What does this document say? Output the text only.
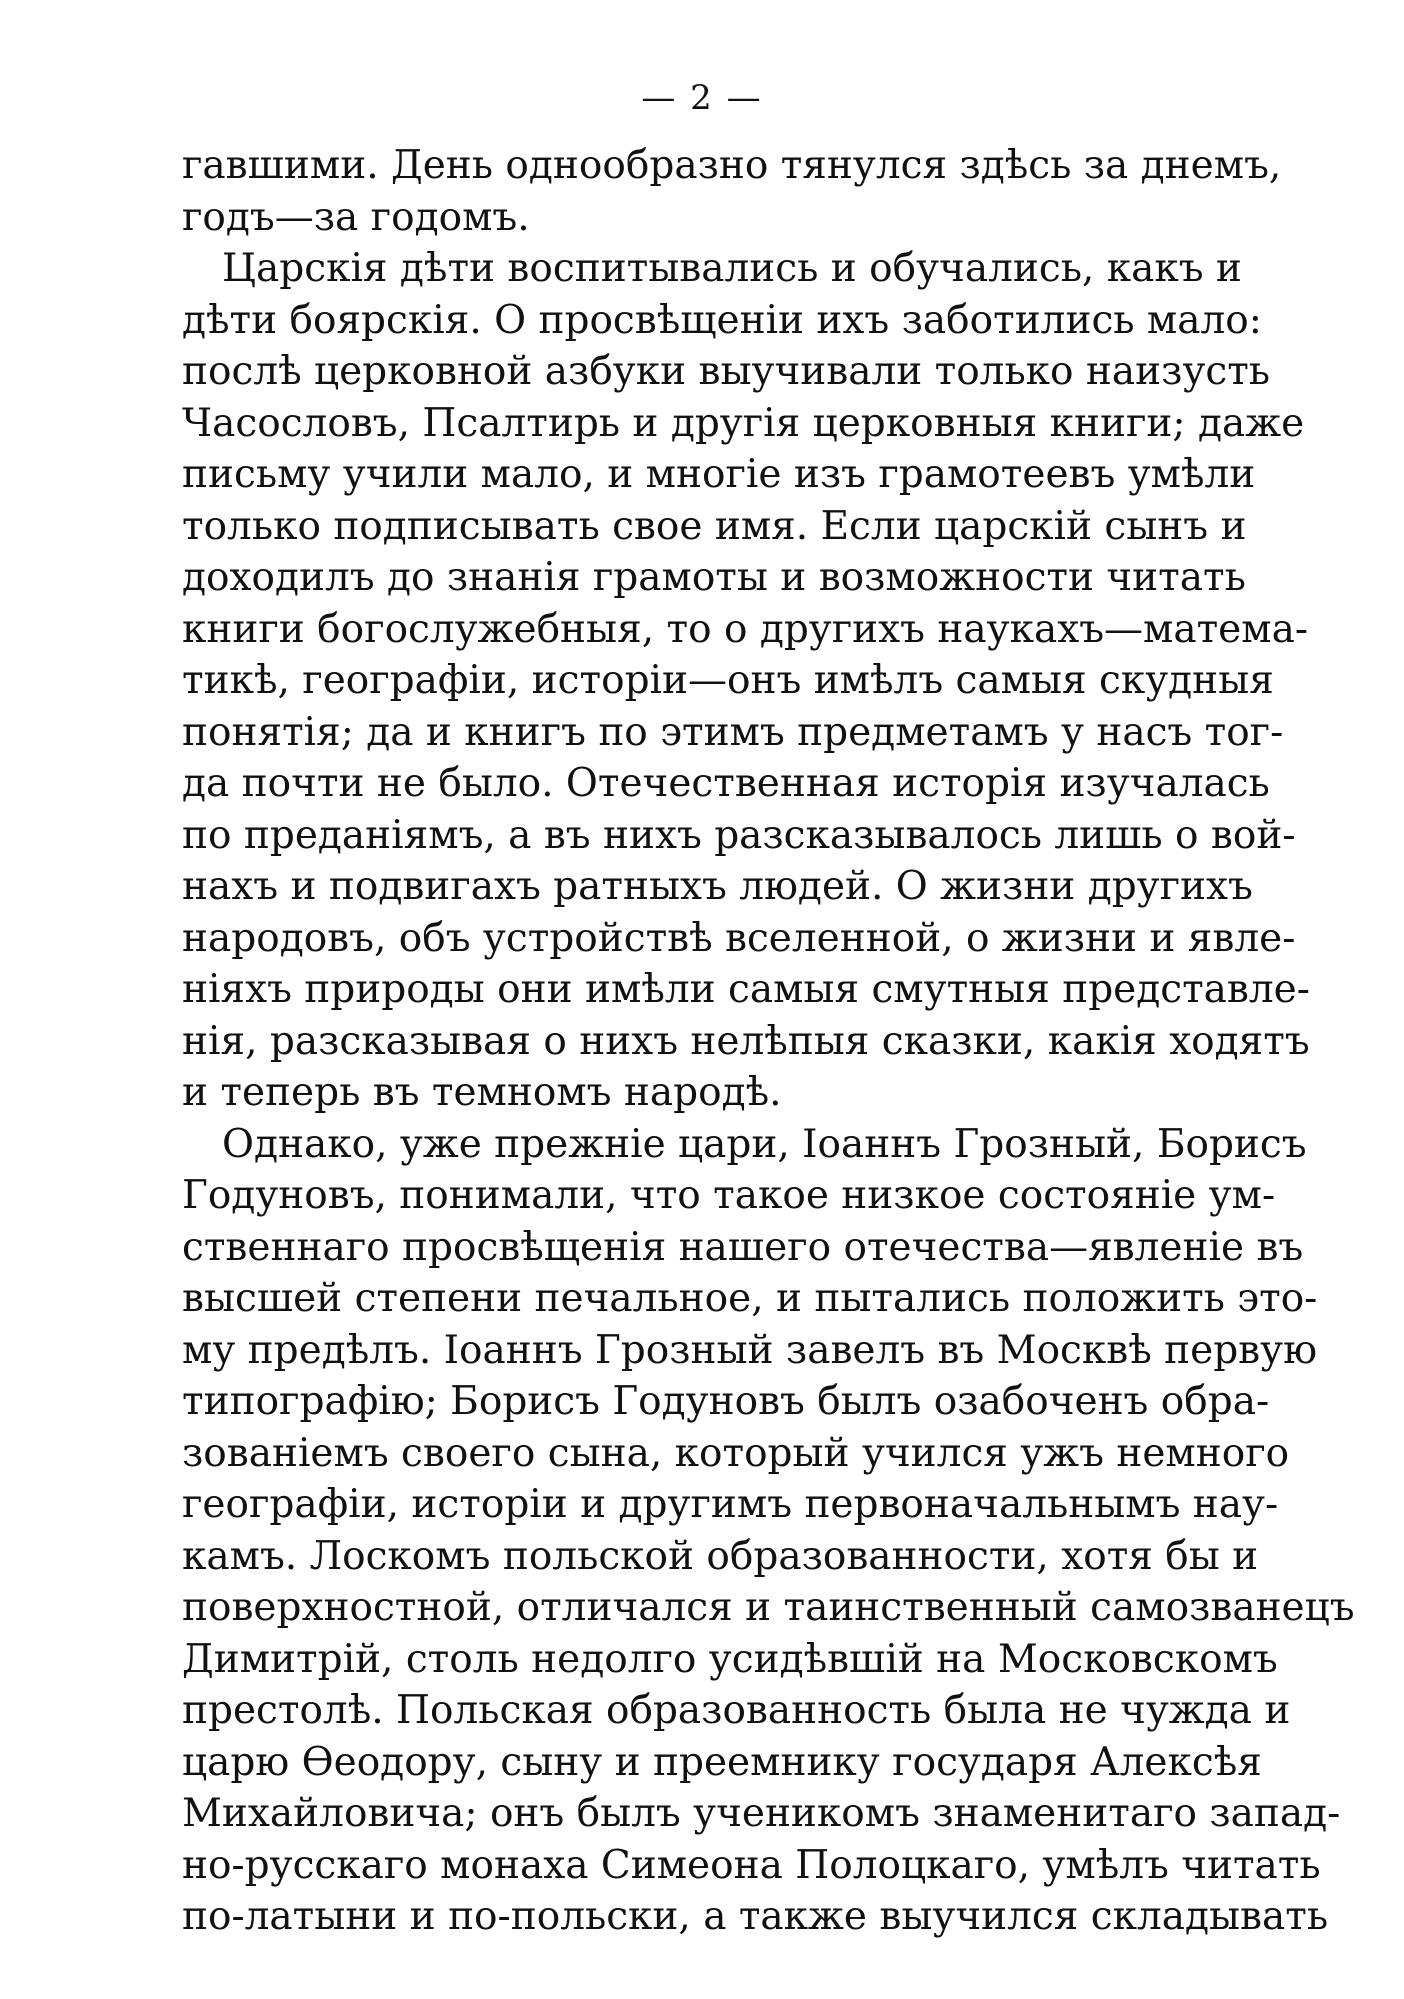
— 2 —
гавшими. День однообразно тянулся здѣсь за днемъ,
годъ—за годомъ.
Царскія дѣти воспитывались и обучались, какъ и
дѣти боярскія. О просвѣщеніи ихъ заботились мало:
послѣ церковной азбуки выучивали только наизусть
Часословъ, Псалтирь и другія церковныя книги; даже
письму учили мало, и многіе изъ грамотеевъ умѣли
только подписывать свое имя. Если царскій сынъ и
доходилъ до знанія грамоты и возможности читать
книги богослужебныя, то о другихъ наукахъ—матема-
тикѣ, географіи, исторіи—онъ имѣлъ самыя скудныя
понятія; да и книгъ по этимъ предметамъ у насъ тог-
да почти не было. Отечественная исторія изучалась
по преданіямъ, а въ нихъ разсказывалось лишь о вой-
нахъ и подвигахъ ратныхъ людей. О жизни другихъ
народовъ, объ устройствѣ вселенной, о жизни и явле-
ніяхъ природы они имѣли самыя смутныя представле-
нія, разсказывая о нихъ нелѣпыя сказки, какія ходятъ
и теперь въ темномъ народѣ.
Однако, уже прежніе цари, Іоаннъ Грозный, Борисъ
Годуновъ, понимали, что такое низкое состояніе ум-
ственнаго просвѣщенія нашего отечества—явленіе въ
высшей степени печальное, и пытались положить это-
му предѣлъ. Іоаннъ Грозный завелъ въ Москвѣ первую
типографію; Борисъ Годуновъ былъ озабоченъ обра-
зованіемъ своего сына, который учился ужъ немного
географіи, исторіи и другимъ первоначальнымъ нау-
камъ. Лоскомъ польской образованности, хотя бы и
поверхностной, отличался и таинственный самозванецъ
Димитрій, столь недолго усидѣвшій на Московскомъ
престолѣ. Польская образованность была не чужда и
царю Ѳеодору, сыну и преемнику государя Алексѣя
Михайловича; онъ былъ ученикомъ знаменитаго запад-
но-русскаго монаха Симеона Полоцкаго, умѣлъ читать
по-латыни и по-польски, а также выучился складывать
